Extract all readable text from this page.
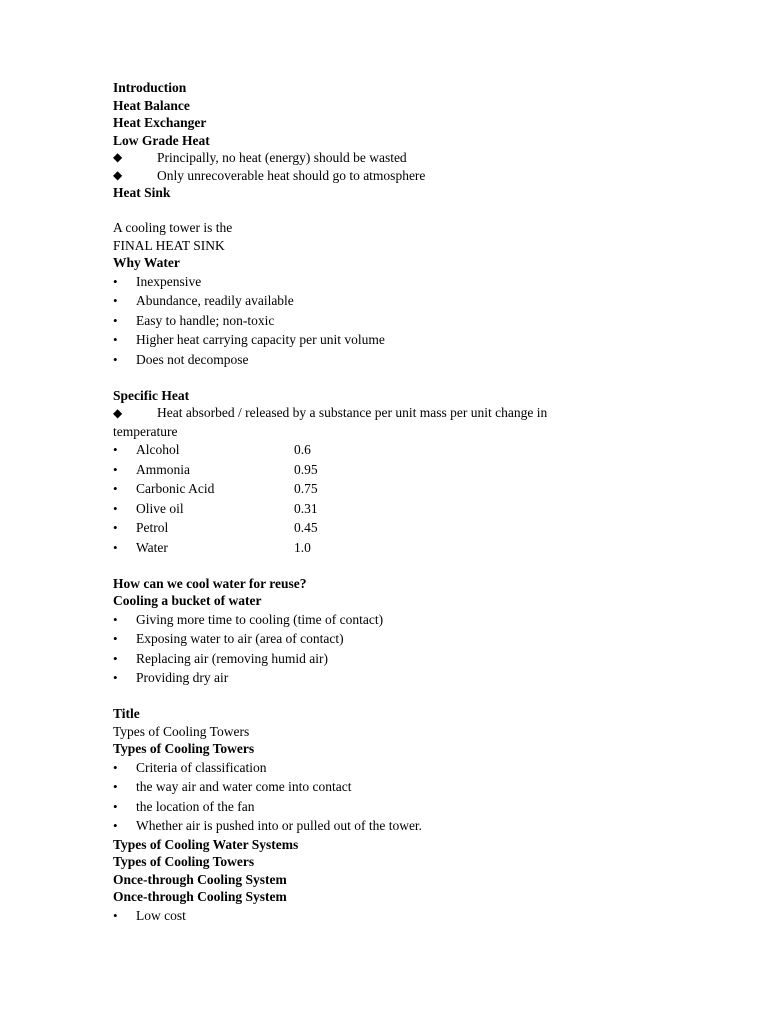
Introduction
Heat Balance
Heat Exchanger
Low Grade Heat
◆	Principally, no heat (energy) should be wasted
◆	Only unrecoverable heat should go to atmosphere
Heat Sink
A cooling tower is the
FINAL HEAT SINK
Why Water
•	Inexpensive
•	Abundance, readily available
•	Easy to handle; non-toxic
•	Higher heat carrying capacity per unit volume
•	Does not decompose
Specific Heat
◆	Heat absorbed / released by a substance per unit mass per unit change in
temperature
•	Alcohol	0.6
•	Ammonia	0.95
•	Carbonic Acid	0.75
•	Olive oil	0.31
•	Petrol	0.45
•	Water	1.0
How can we cool water for reuse?
Cooling a bucket of water
•	Giving more time to cooling (time of contact)
•	Exposing water to air (area of contact)
•	Replacing air (removing humid air)
•	Providing dry air
Title
Types of Cooling Towers
Types of Cooling Towers
•	Criteria of classification
•	the way air and water come into contact
•	the location of the fan
•	Whether air is pushed into or pulled out of the tower.
Types of Cooling Water Systems
Types of Cooling Towers
Once-through Cooling System
Once-through Cooling System
•	Low cost
